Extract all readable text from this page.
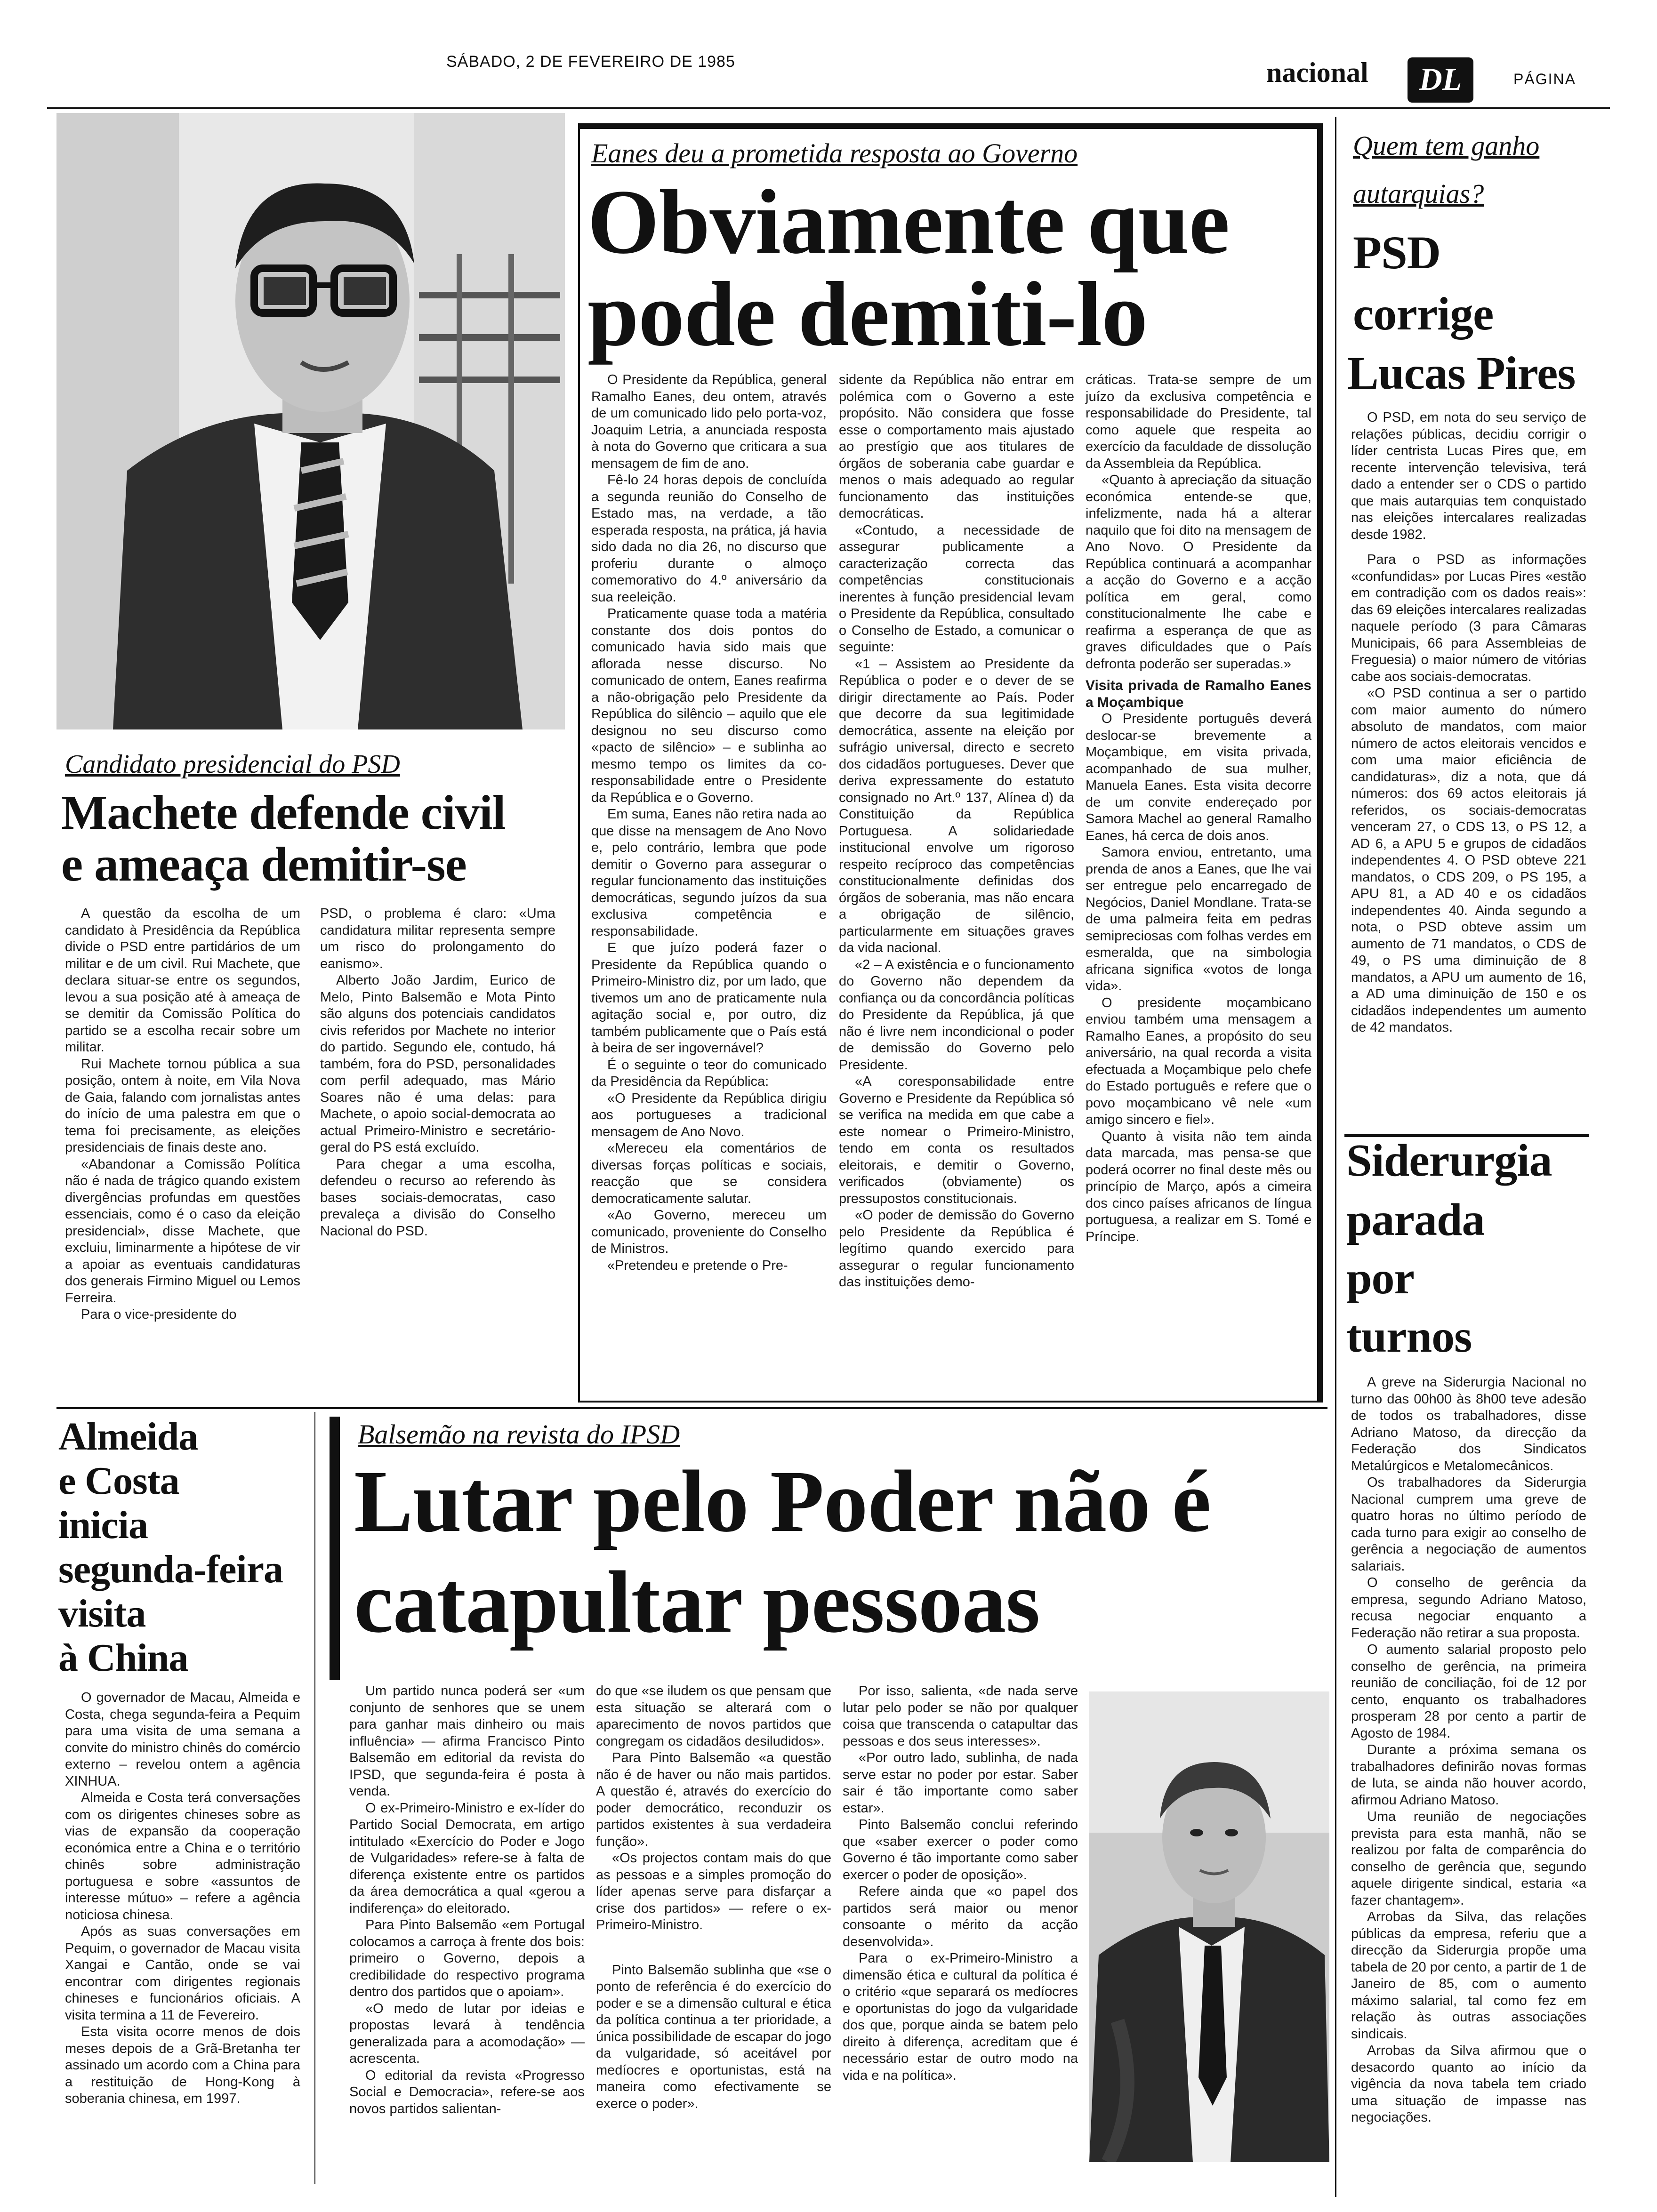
SÁBADO, 2 DE FEVEREIRO DE 1985	nacional	DL	PÁGINA
Candidato presidencial do PSD
Machete defende civil
e ameaça demitir-se

A questão da escolha de um candidato à Presidência da República divide o PSD entre partidários de um militar e de um civil. Rui Machete, que declara situar-se entre os segundos, levou a sua posição até à ameaça de se demitir da Comissão Política do partido se a escolha recair sobre um militar.

Rui Machete tornou pública a sua posição, ontem à noite, em Vila Nova de Gaia, falando com jornalistas antes do início de uma palestra em que o tema foi precisamente, as eleições presidenciais de finais deste ano.

«Abandonar a Comissão Política não é nada de trágico quando existem divergências profundas em questões essenciais, como é o caso da eleição presidencial», disse Machete, que excluiu, liminarmente a hipótese de vir a apoiar as eventuais candidaturas dos generais Firmino Miguel ou Lemos Ferreira.

Para o vice-presidente do

PSD, o problema é claro: «Uma candidatura militar representa sempre um risco do prolongamento do eanismo».

Alberto João Jardim, Eurico de Melo, Pinto Balsemão e Mota Pinto são alguns dos potenciais candidatos civis referidos por Machete no interior do partido. Segundo ele, contudo, há também, fora do PSD, personalidades com perfil adequado, mas Mário Soares não é uma delas: para Machete, o apoio social-democrata ao actual Primeiro-Ministro e secretário-geral do PS está excluído.

Para chegar a uma escolha, defendeu o recurso ao referendo às bases sociais-democratas, caso prevaleça a divisão do Conselho Nacional do PSD.

Eanes deu a prometida resposta ao Governo
Obviamente que
pode demiti-lo

O Presidente da República, general Ramalho Eanes, deu ontem, através de um comunicado lido pelo porta-voz, Joaquim Letria, a anunciada resposta à nota do Governo que criticara a sua mensagem de fim de ano.

Fê-lo 24 horas depois de concluída a segunda reunião do Conselho de Estado mas, na verdade, a tão esperada resposta, na prática, já havia sido dada no dia 26, no discurso que proferiu durante o almoço comemorativo do 4.º aniversário da sua reeleição.

Praticamente quase toda a matéria constante dos dois pontos do comunicado havia sido mais que aflorada nesse discurso. No comunicado de ontem, Eanes reafirma a não-obrigação pelo Presidente da República do silêncio – aquilo que ele designou no seu discurso como «pacto de silêncio» – e sublinha ao mesmo tempo os limites da co-responsabilidade entre o Presidente da República e o Governo.

Em suma, Eanes não retira nada ao que disse na mensagem de Ano Novo e, pelo contrário, lembra que pode demitir o Governo para assegurar o regular funcionamento das instituições democráticas, segundo juízos da sua exclusiva competência e responsabilidade.

E que juízo poderá fazer o Presidente da República quando o Primeiro-Ministro diz, por um lado, que tivemos um ano de praticamente nula agitação social e, por outro, diz também publicamente que o País está à beira de ser ingovernável?

É o seguinte o teor do comunicado da Presidência da República:

«O Presidente da República dirigiu aos portugueses a tradicional mensagem de Ano Novo.

«Mereceu ela comentários de diversas forças políticas e sociais, reacção que se considera democraticamente salutar.

«Ao Governo, mereceu um comunicado, proveniente do Conselho de Ministros.

«Pretendeu e pretende o Pre-

sidente da República não entrar em polémica com o Governo a este propósito. Não considera que fosse esse o comportamento mais ajustado ao prestígio que aos titulares de órgãos de soberania cabe guardar e menos o mais adequado ao regular funcionamento das instituições democráticas.

«Contudo, a necessidade de assegurar publicamente a caracterização correcta das competências constitucionais inerentes à função presidencial levam o Presidente da República, consultado o Conselho de Estado, a comunicar o seguinte:

«1 – Assistem ao Presidente da República o poder e o dever de se dirigir directamente ao País. Poder que decorre da sua legitimidade democrática, assente na eleição por sufrágio universal, directo e secreto dos cidadãos portugueses. Dever que deriva expressamente do estatuto consignado no Art.º 137, Alínea d) da Constituição da República Portuguesa. A solidariedade institucional envolve um rigoroso respeito recíproco das competências constitucionalmente definidas dos órgãos de soberania, mas não encara a obrigação de silêncio, particularmente em situações graves da vida nacional.

«2 – A existência e o funcionamento do Governo não dependem da confiança ou da concordância políticas do Presidente da República, já que não é livre nem incondicional o poder de demissão do Governo pelo Presidente.

«A coresponsabilidade entre Governo e Presidente da República só se verifica na medida em que cabe a este nomear o Primeiro-Ministro, tendo em conta os resultados eleitorais, e demitir o Governo, verificados (obviamente) os pressupostos constitucionais.

«O poder de demissão do Governo pelo Presidente da República é legítimo quando exercido para assegurar o regular funcionamento das instituições demo-

cráticas. Trata-se sempre de um juízo da exclusiva competência e responsabilidade do Presidente, tal como aquele que respeita ao exercício da faculdade de dissolução da Assembleia da República.

«Quanto à apreciação da situação económica entende-se que, infelizmente, nada há a alterar naquilo que foi dito na mensagem de Ano Novo. O Presidente da República continuará a acompanhar a acção do Governo e a acção política em geral, como constitucionalmente lhe cabe e reafirma a esperança de que as graves dificuldades que o País defronta poderão ser superadas.»

Visita privada de Ramalho Eanes a Moçambique

O Presidente português deverá deslocar-se brevemente a Moçambique, em visita privada, acompanhado de sua mulher, Manuela Eanes. Esta visita decorre de um convite endereçado por Samora Machel ao general Ramalho Eanes, há cerca de dois anos.

Samora enviou, entretanto, uma prenda de anos a Eanes, que lhe vai ser entregue pelo encarregado de Negócios, Daniel Mondlane. Trata-se de uma palmeira feita em pedras semipreciosas com folhas verdes em esmeralda, que na simbologia africana significa «votos de longa vida».

O presidente moçambicano enviou também uma mensagem a Ramalho Eanes, a propósito do seu aniversário, na qual recorda a visita efectuada a Moçambique pelo chefe do Estado português e refere que o povo moçambicano vê nele «um amigo sincero e fiel».

Quanto à visita não tem ainda data marcada, mas pensa-se que poderá ocorrer no final deste mês ou princípio de Março, após a cimeira dos cinco países africanos de língua portuguesa, a realizar em S. Tomé e Príncipe.

Quem tem ganho
autarquias?
PSD
corrige
Lucas Pires

O PSD, em nota do seu serviço de relações públicas, decidiu corrigir o líder centrista Lucas Pires que, em recente intervenção televisiva, terá dado a entender ser o CDS o partido que mais autarquias tem conquistado nas eleições intercalares realizadas desde 1982.

Para o PSD as informações «confundidas» por Lucas Pires «estão em contradição com os dados reais»: das 69 eleições intercalares realizadas naquele período (3 para Câmaras Municipais, 66 para Assembleias de Freguesia) o maior número de vitórias cabe aos sociais-democratas.

«O PSD continua a ser o partido com maior aumento do número absoluto de mandatos, com maior número de actos eleitorais vencidos e com uma maior eficiência de candidaturas», diz a nota, que dá números: dos 69 actos eleitorais já referidos, os sociais-democratas venceram 27, o CDS 13, o PS 12, a AD 6, a APU 5 e grupos de cidadãos independentes 4. O PSD obteve 221 mandatos, o CDS 209, o PS 195, a APU 81, a AD 40 e os cidadãos independentes 40. Ainda segundo a nota, o PSD obteve assim um aumento de 71 mandatos, o CDS de 49, o PS uma diminuição de 8 mandatos, a APU um aumento de 16, a AD uma diminuição de 150 e os cidadãos independentes um aumento de 42 mandatos.

Siderurgia
parada
por
turnos

A greve na Siderurgia Nacional no turno das 00h00 às 8h00 teve adesão de todos os trabalhadores, disse Adriano Matoso, da direcção da Federação dos Sindicatos Metalúrgicos e Metalomecânicos.

Os trabalhadores da Siderurgia Nacional cumprem uma greve de quatro horas no último período de cada turno para exigir ao conselho de gerência a negociação de aumentos salariais.

O conselho de gerência da empresa, segundo Adriano Matoso, recusa negociar enquanto a Federação não retirar a sua proposta.

O aumento salarial proposto pelo conselho de gerência, na primeira reunião de conciliação, foi de 12 por cento, enquanto os trabalhadores prosperam 28 por cento a partir de Agosto de 1984.

Durante a próxima semana os trabalhadores definirão novas formas de luta, se ainda não houver acordo, afirmou Adriano Matoso.

Uma reunião de negociações prevista para esta manhã, não se realizou por falta de comparência do conselho de gerência que, segundo aquele dirigente sindical, estaria «a fazer chantagem».

Arrobas da Silva, das relações públicas da empresa, referiu que a direcção da Siderurgia propõe uma tabela de 20 por cento, a partir de 1 de Janeiro de 85, com o aumento máximo salarial, tal como fez em relação às outras associações sindicais.

Arrobas da Silva afirmou que o desacordo quanto ao início da vigência da nova tabela tem criado uma situação de impasse nas negociações.

Almeida
e Costa
inicia
segunda-feira
visita
à China

O governador de Macau, Almeida e Costa, chega segunda-feira a Pequim para uma visita de uma semana a convite do ministro chinês do comércio externo – revelou ontem a agência XINHUA.

Almeida e Costa terá conversações com os dirigentes chineses sobre as vias de expansão da cooperação económica entre a China e o território chinês sobre administração portuguesa e sobre «assuntos de interesse mútuo» – refere a agência noticiosa chinesa.

Após as suas conversações em Pequim, o governador de Macau visita Xangai e Cantão, onde se vai encontrar com dirigentes regionais chineses e funcionários oficiais. A visita termina a 11 de Fevereiro.

Esta visita ocorre menos de dois meses depois de a Grã-Bretanha ter assinado um acordo com a China para a restituição de Hong-Kong à soberania chinesa, em 1997.

Balsemão na revista do IPSD
Lutar pelo Poder não é
catapultar pessoas

Um partido nunca poderá ser «um conjunto de senhores que se unem para ganhar mais dinheiro ou mais influência» — afirma Francisco Pinto Balsemão em editorial da revista do IPSD, que segunda-feira é posta à venda.

O ex-Primeiro-Ministro e ex-líder do Partido Social Democrata, em artigo intitulado «Exercício do Poder e Jogo de Vulgaridades» refere-se à falta de diferença existente entre os partidos da área democrática a qual «gerou a indiferença» do eleitorado.

Para Pinto Balsemão «em Portugal colocamos a carroça à frente dos bois: primeiro o Governo, depois a credibilidade do respectivo programa dentro dos partidos que o apoiam».

«O medo de lutar por ideias e propostas levará à tendência generalizada para a acomodação» — acrescenta.

O editorial da revista «Progresso Social e Democracia», refere-se aos novos partidos salientan-

do que «se iludem os que pensam que esta situação se alterará com o aparecimento de novos partidos que congregam os cidadãos desiludidos».

Para Pinto Balsemão «a questão não é de haver ou não mais partidos. A questão é, através do exercício do poder democrático, reconduzir os partidos existentes à sua verdadeira função».

«Os projectos contam mais do que as pessoas e a simples promoção do líder apenas serve para disfarçar a crise dos partidos» — refere o ex-Primeiro-Ministro.

Pinto Balsemão sublinha que «se o ponto de referência é do exercício do poder e se a dimensão cultural e ética da política continua a ter prioridade, a única possibilidade de escapar do jogo da vulgaridade, só aceitável por medíocres e oportunistas, está na maneira como efectivamente se exerce o poder».

Por isso, salienta, «de nada serve lutar pelo poder se não por qualquer coisa que transcenda o catapultar das pessoas e dos seus interesses».

«Por outro lado, sublinha, de nada serve estar no poder por estar. Saber sair é tão importante como saber estar».

Pinto Balsemão conclui referindo que «saber exercer o poder como Governo é tão importante como saber exercer o poder de oposição».

Refere ainda que «o papel dos partidos será maior ou menor consoante o mérito da acção desenvolvida».

Para o ex-Primeiro-Ministro a dimensão ética e cultural da política é o critério «que separará os medíocres e oportunistas do jogo da vulgaridade dos que, porque ainda se batem pelo direito à diferença, acreditam que é necessário estar de outro modo na vida e na política».
